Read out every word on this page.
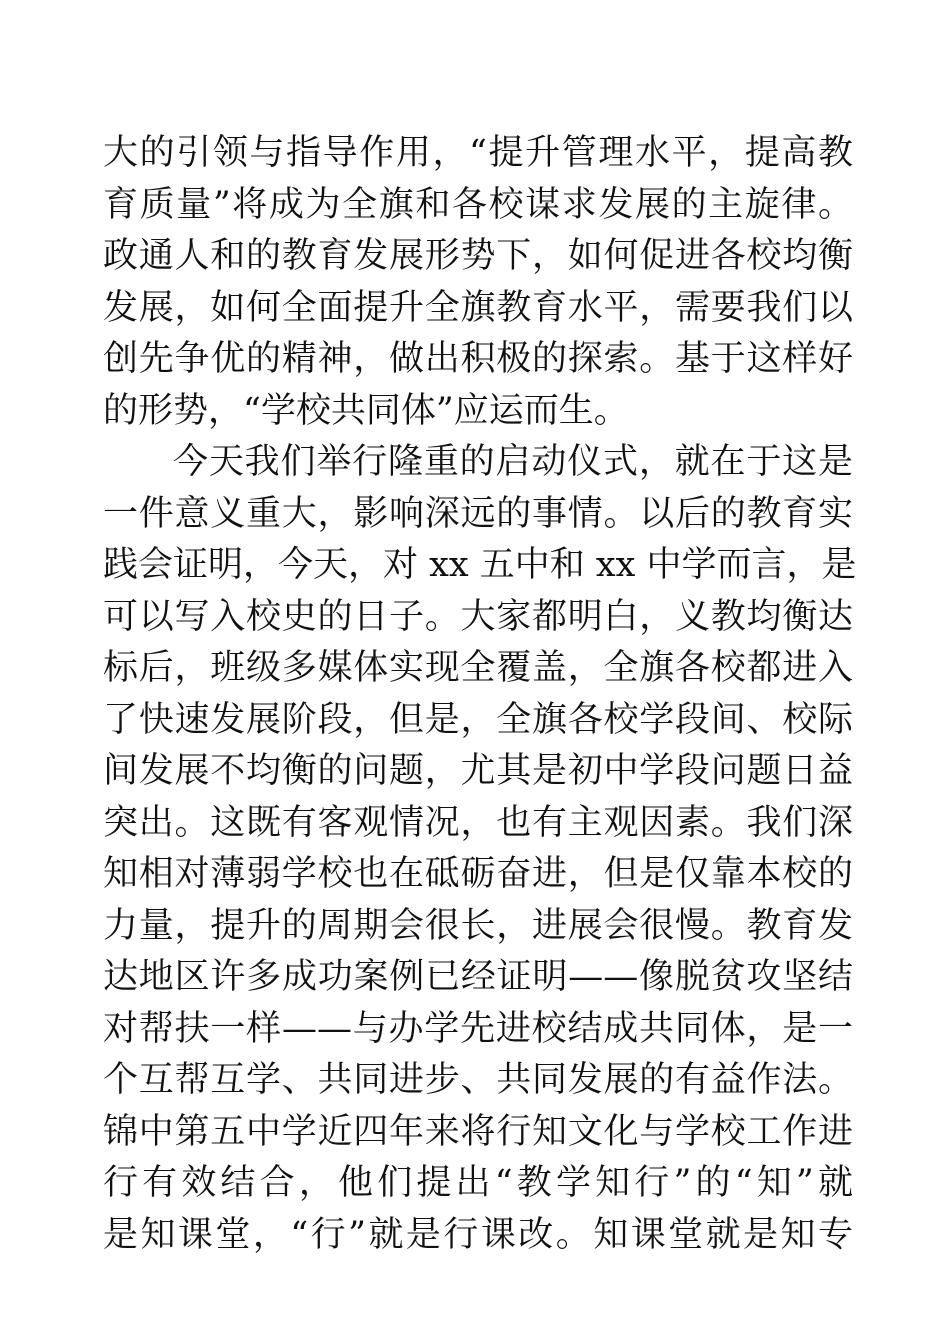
大的引领与指导作用，“提升管理水平，提高教
育质量”将成为全旗和各校谋求发展的主旋律。
政通人和的教育发展形势下，如何促进各校均衡
发展，如何全面提升全旗教育水平，需要我们以
创先争优的精神，做出积极的探索。基于这样好
的形势，“学校共同体”应运而生。
今天我们举行隆重的启动仪式，就在于这是
一件意义重大，影响深远的事情。以后的教育实
践会证明，今天，对 xx 五中和 xx 中学而言，是
可以写入校史的日子。大家都明白，义教均衡达
标后，班级多媒体实现全覆盖，全旗各校都进入
了快速发展阶段，但是，全旗各校学段间、校际
间发展不均衡的问题，尤其是初中学段问题日益
突出。这既有客观情况，也有主观因素。我们深
知相对薄弱学校也在砥砺奋进，但是仅靠本校的
力量，提升的周期会很长，进展会很慢。教育发
达地区许多成功案例已经证明——像脱贫攻坚结
对帮扶一样——与办学先进校结成共同体，是一
个互帮互学、共同进步、共同发展的有益作法。
锦中第五中学近四年来将行知文化与学校工作进
行有效结合，他们提出“教学知行”的“知”就
是知课堂，“行”就是行课改。知课堂就是知专
